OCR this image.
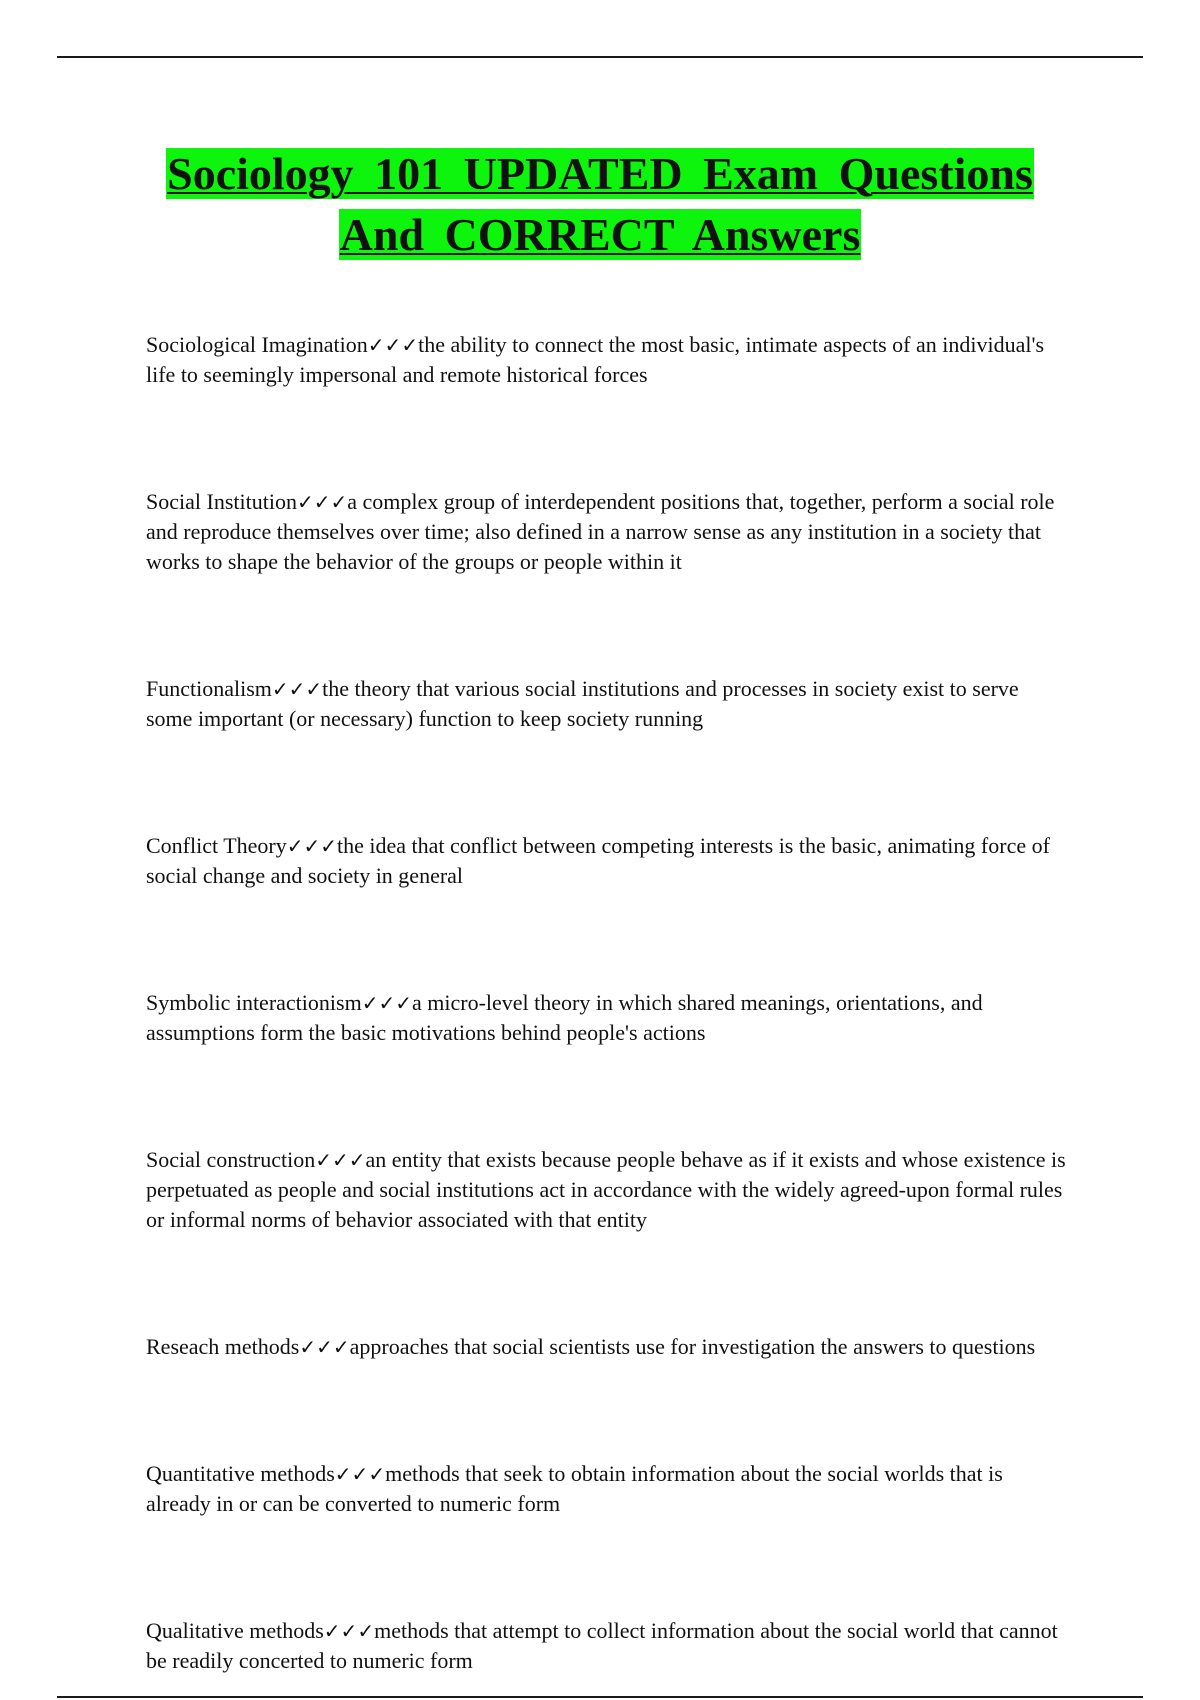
Sociology 101 UPDATED Exam Questions
And CORRECT Answers

Sociological Imagination✓✓✓the ability to connect the most basic, intimate aspects of an individual's life to seemingly impersonal and remote historical forces

Social Institution✓✓✓a complex group of interdependent positions that, together, perform a social role and reproduce themselves over time; also defined in a narrow sense as any institution in a society that works to shape the behavior of the groups or people within it

Functionalism✓✓✓the theory that various social institutions and processes in society exist to serve some important (or necessary) function to keep society running

Conflict Theory✓✓✓the idea that conflict between competing interests is the basic, animating force of social change and society in general

Symbolic interactionism✓✓✓a micro-level theory in which shared meanings, orientations, and assumptions form the basic motivations behind people's actions

Social construction✓✓✓an entity that exists because people behave as if it exists and whose existence is perpetuated as people and social institutions act in accordance with the widely agreed-upon formal rules or informal norms of behavior associated with that entity

Reseach methods✓✓✓approaches that social scientists use for investigation the answers to questions

Quantitative methods✓✓✓methods that seek to obtain information about the social worlds that is already in or can be converted to numeric form

Qualitative methods✓✓✓methods that attempt to collect information about the social world that cannot be readily concerted to numeric form
